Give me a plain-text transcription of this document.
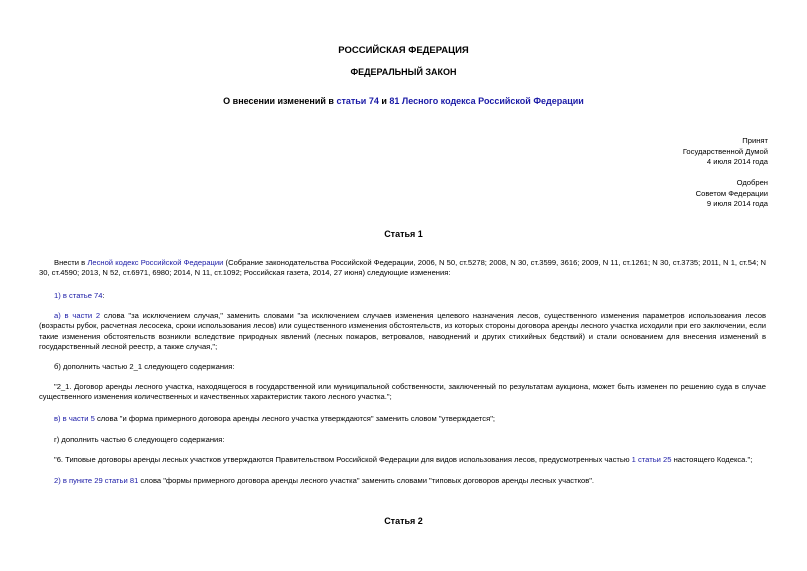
РОССИЙСКАЯ ФЕДЕРАЦИЯ
ФЕДЕРАЛЬНЫЙ ЗАКОН
О внесении изменений в статьи 74 и 81 Лесного кодекса Российской Федерации
Принят
Государственной Думой
4 июля 2014 года
Одобрен
Советом Федерации
9 июля 2014 года
Статья 1
Внести в Лесной кодекс Российской Федерации (Собрание законодательства Российской Федерации, 2006, N 50, ст.5278; 2008, N 30, ст.3599, 3616; 2009, N 11, ст.1261; N 30, ст.3735; 2011, N 1, ст.54; N 30, ст.4590; 2013, N 52, ст.6971, 6980; 2014, N 11, ст.1092; Российская газета, 2014, 27 июня) следующие изменения:
1) в статье 74:
а) в части 2 слова "за исключением случая," заменить словами "за исключением случаев изменения целевого назначения лесов, существенного изменения параметров использования лесов (возрасты рубок, расчетная лесосека, сроки использования лесов) или существенного изменения обстоятельств, из которых стороны договора аренды лесного участка исходили при его заключении, если такие изменения обстоятельств возникли вследствие природных явлений (лесных пожаров, ветровалов, наводнений и других стихийных бедствий) и стали основанием для внесения изменений в государственный лесной реестр, а также случая,";
б) дополнить частью 2_1 следующего содержания:
"2_1. Договор аренды лесного участка, находящегося в государственной или муниципальной собственности, заключенный по результатам аукциона, может быть изменен по решению суда в случае существенного изменения количественных и качественных характеристик такого лесного участка.";
в) в части 5 слова "и форма примерного договора аренды лесного участка утверждаются" заменить словом "утверждается";
г) дополнить частью 6 следующего содержания:
"6. Типовые договоры аренды лесных участков утверждаются Правительством Российской Федерации для видов использования лесов, предусмотренных частью 1 статьи 25 настоящего Кодекса.";
2) в пункте 29 статьи 81 слова "формы примерного договора аренды лесного участка" заменить словами "типовых договоров аренды лесных участков".
Статья 2
